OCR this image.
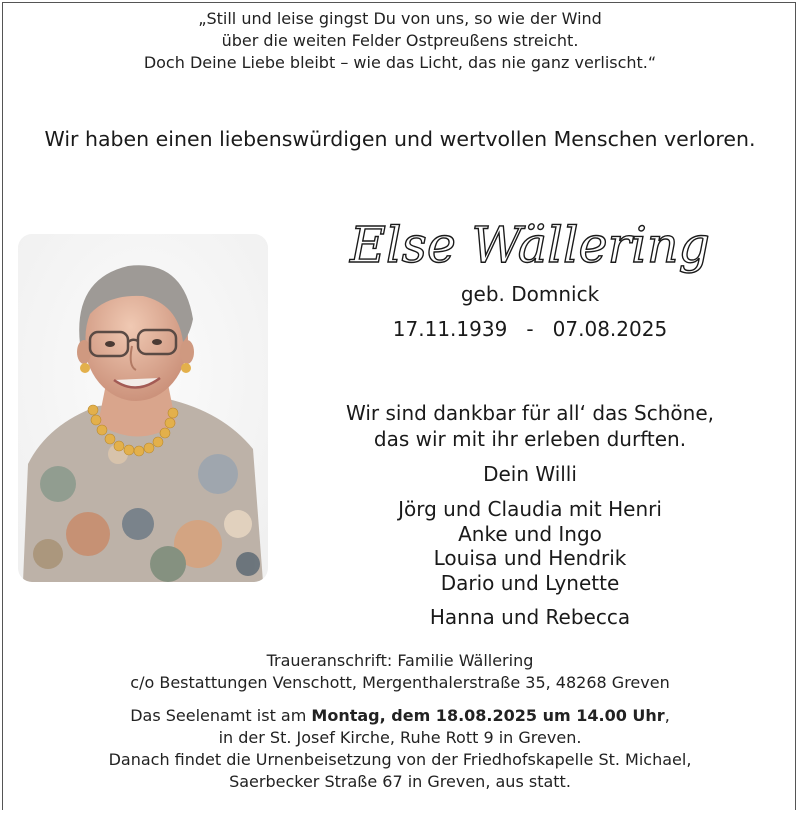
„Still und leise gingst Du von uns, so wie der Wind
über die weiten Felder Ostpreußens streicht.
Doch Deine Liebe bleibt – wie das Licht, das nie ganz verlischt.“
Wir haben einen liebenswürdigen und wertvollen Menschen verloren.
Else Wällering
geb. Domnick
17.11.1939   -   07.08.2025
Wir sind dankbar für all‘ das Schöne,
das wir mit ihr erleben durften.
Dein Willi
Jörg und Claudia mit Henri
Anke und Ingo
Louisa und Hendrik
Dario und Lynette
Hanna und Rebecca
Traueranschrift: Familie Wällering
c/o Bestattungen Venschott, Mergenthalerstraße 35, 48268 Greven
Das Seelenamt ist am Montag, dem 18.08.2025 um 14.00 Uhr,
in der St. Josef Kirche, Ruhe Rott 9 in Greven.
Danach findet die Urnenbeisetzung von der Friedhofskapelle St. Michael,
Saerbecker Straße 67 in Greven, aus statt.
